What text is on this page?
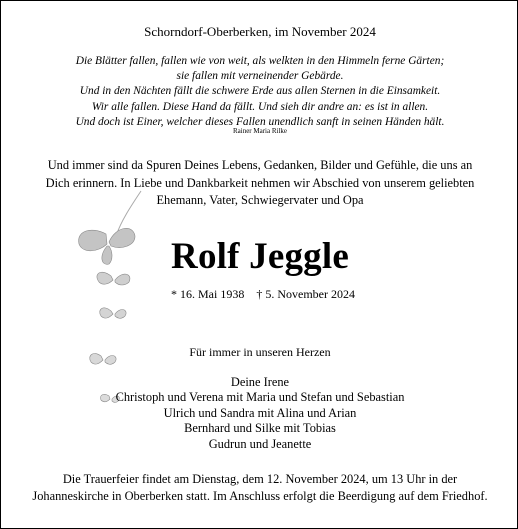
Schorndorf-Oberberken, im November 2024
Die Blätter fallen, fallen wie von weit, als welkten in den Himmeln ferne Gärten;
sie fallen mit verneinender Gebärde.
Und in den Nächten fällt die schwere Erde aus allen Sternen in die Einsamkeit.
Wir alle fallen. Diese Hand da fällt. Und sieh dir andre an: es ist in allen.
Und doch ist Einer, welcher dieses Fallen unendlich sanft in seinen Händen hält.
Rainer Maria Rilke
Und immer sind da Spuren Deines Lebens, Gedanken, Bilder und Gefühle, die uns an
Dich erinnern. In Liebe und Dankbarkeit nehmen wir Abschied von unserem geliebten
Ehemann, Vater, Schwiegervater und Opa
Rolf Jeggle
* 16. Mai 1938 † 5. November 2024
Für immer in unseren Herzen
Deine Irene
Christoph und Verena mit Maria und Stefan und Sebastian
Ulrich und Sandra mit Alina und Arian
Bernhard und Silke mit Tobias
Gudrun und Jeanette
Die Trauerfeier findet am Dienstag, dem 12. November 2024, um 13 Uhr in der
Johanneskirche in Oberberken statt. Im Anschluss erfolgt die Beerdigung auf dem Friedhof.
